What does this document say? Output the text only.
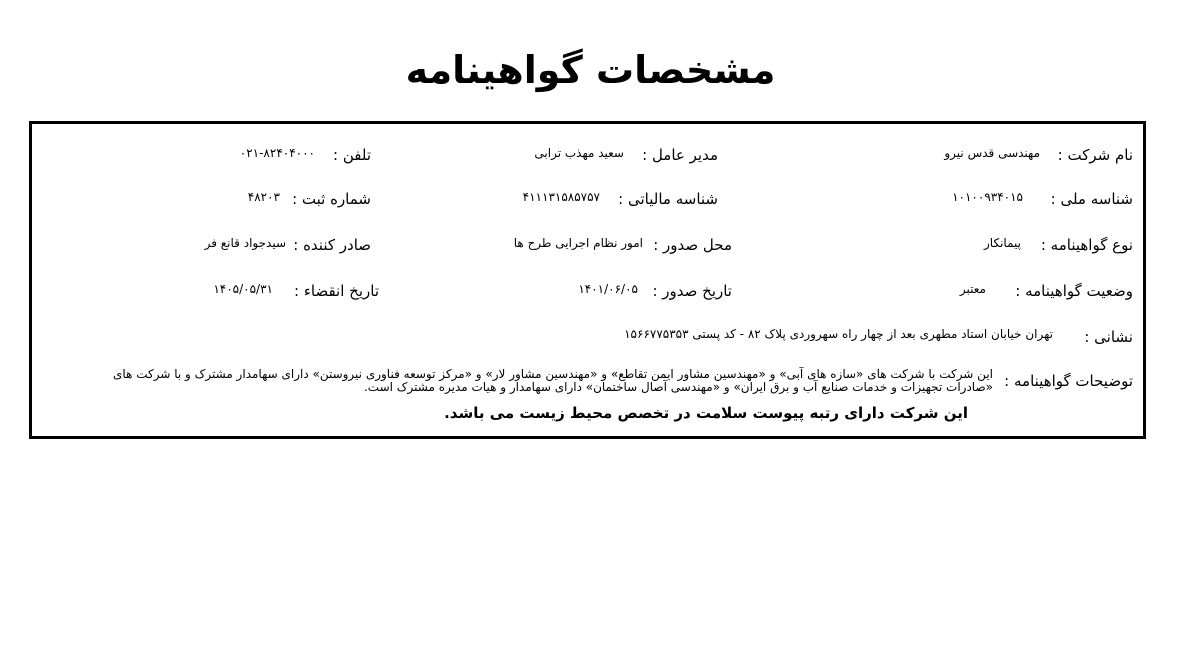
مشخصات گواهینامه
نام شرکت :
مهندسی قدس نیرو
مدیر عامل :
سعید مهذب ترابی
تلفن :
۰۲۱-۸۲۴۰۴۰۰۰
شناسه ملی :
۱۰۱۰۰۹۳۴۰۱۵
شناسه مالیاتی :
۴۱۱۱۳۱۵۸۵۷۵۷
شماره ثبت :
۴۸۲۰۳
نوع گواهینامه :
پیمانکار
محل صدور :
امور نظام اجرایی طرح ها
صادر کننده :
سیدجواد قانع فر
وضعیت گواهینامه :
معتبر
تاریخ صدور :
۱۴۰۱/۰۶/۰۵
تاریخ انقضاء :
۱۴۰۵/۰۵/۳۱
نشانی :
تهران خیابان استاد مطهری بعد از چهار راه سهروردی پلاک ۸۲ - کد پستی ۱۵۶۶۷۷۵۳۵۳
توضیحات گواهینامه :
این شرکت با شرکت های «سازه های آبی» و «مهندسین مشاور ایمن تقاطع» و «مهندسین مشاور لار» و «مرکز توسعه فناوری نیروستن» دارای سهامدار مشترک و با شرکت های «صادرات تجهیزات و خدمات صنایع آب و برق ایران» و «مهندسی آصال ساختمان» دارای سهامدار و هیات مدیره مشترک است.
این شرکت دارای رتبه پیوست سلامت در تخصص محیط زیست می باشد.
